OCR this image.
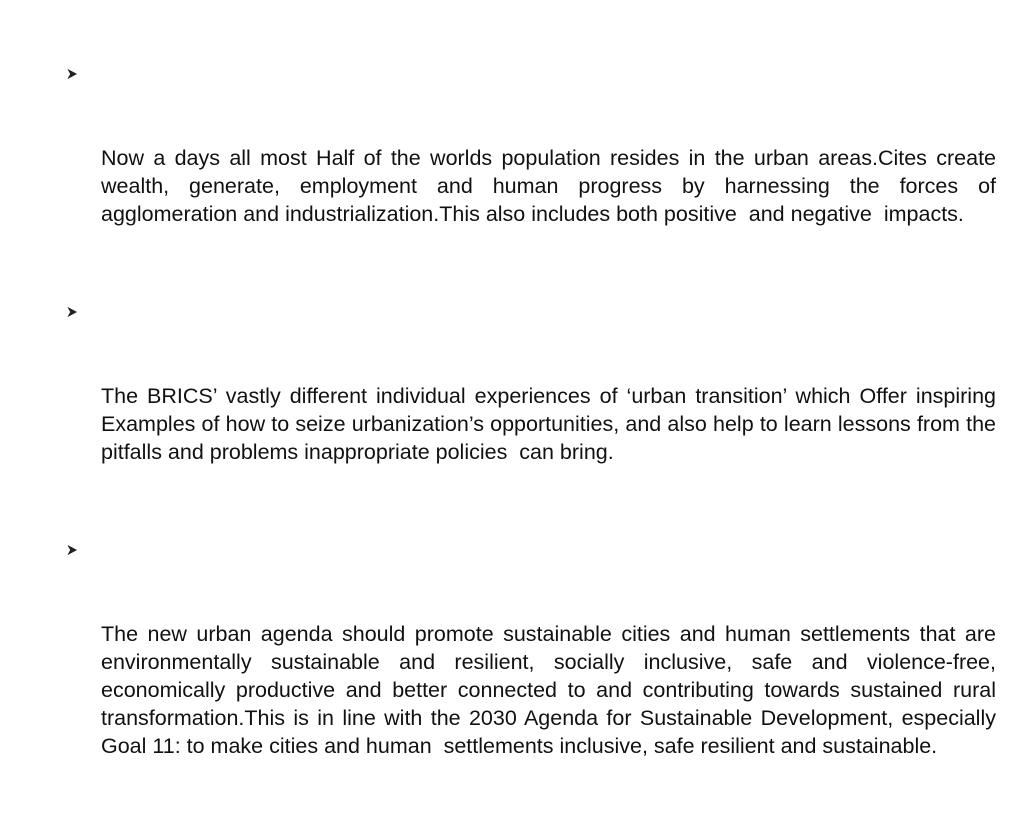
Now a days all most Half of the worlds population resides in the urban areas.Cites create  wealth, generate, employment and human progress by harnessing the forces of agglomeration and industrialization.This also includes both positive  and negative  impacts.

The BRICS’ vastly different individual experiences of ‘urban transition’ which Offer inspiring Examples of how to seize urbanization’s opportunities, and also help to learn lessons from the pitfalls and problems inappropriate policies  can bring.

The new urban agenda should promote sustainable cities and human settlements that are environmentally sustainable and resilient, socially inclusive, safe and violence-free, economically productive and better connected to and contributing towards sustained rural transformation.This is in line with the 2030 Agenda for Sustainable Development, especially Goal 11: to make cities and human  settlements inclusive, safe resilient and sustainable.
